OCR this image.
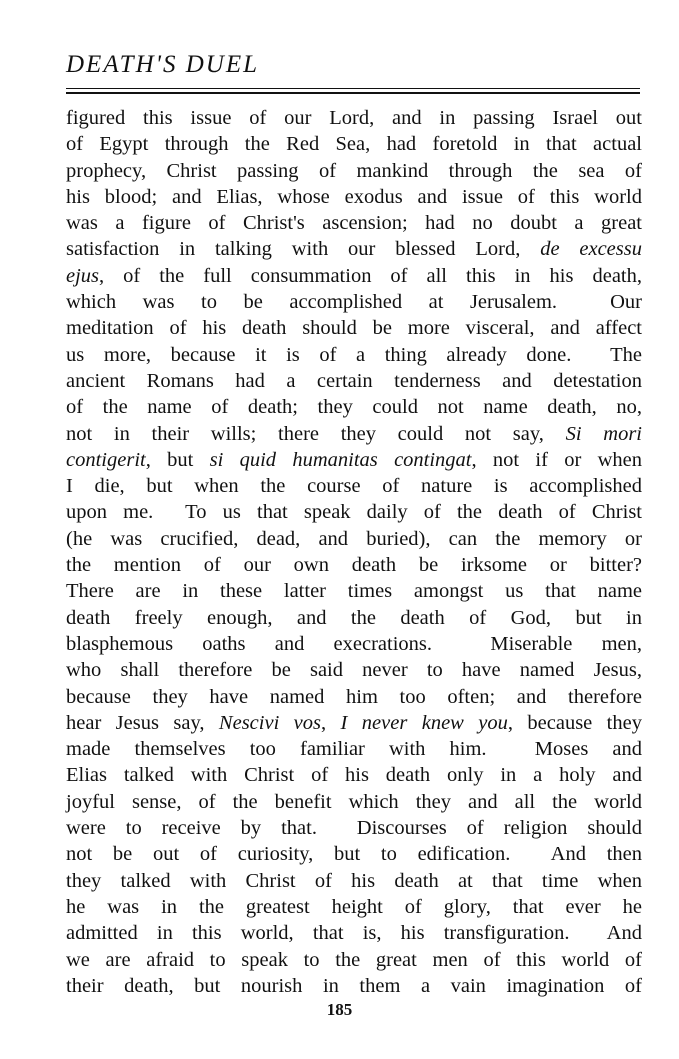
DEATH'S DUEL
figured this issue of our Lord, and in passing Israel out
of Egypt through the Red Sea, had foretold in that actual
prophecy, Christ passing of mankind through the sea of
his blood; and Elias, whose exodus and issue of this world
was a figure of Christ's ascension; had no doubt a great
satisfaction in talking with our blessed Lord, de excessu
ejus, of the full consummation of all this in his death,
which was to be accomplished at Jerusalem.  Our
meditation of his death should be more visceral, and affect
us more, because it is of a thing already done.  The
ancient Romans had a certain tenderness and detestation
of the name of death; they could not name death, no,
not in their wills; there they could not say, Si mori
contigerit, but si quid humanitas contingat, not if or when
I die, but when the course of nature is accomplished
upon me.  To us that speak daily of the death of Christ
(he was crucified, dead, and buried), can the memory or
the mention of our own death be irksome or bitter?
There are in these latter times amongst us that name
death freely enough, and the death of God, but in
blasphemous oaths and execrations.  Miserable men,
who shall therefore be said never to have named Jesus,
because they have named him too often; and therefore
hear Jesus say, Nescivi vos, I never knew you, because they
made themselves too familiar with him.  Moses and
Elias talked with Christ of his death only in a holy and
joyful sense, of the benefit which they and all the world
were to receive by that.  Discourses of religion should
not be out of curiosity, but to edification.  And then
they talked with Christ of his death at that time when
he was in the greatest height of glory, that ever he
admitted in this world, that is, his transfiguration.  And
we are afraid to speak to the great men of this world of
their death, but nourish in them a vain imagination of
185
